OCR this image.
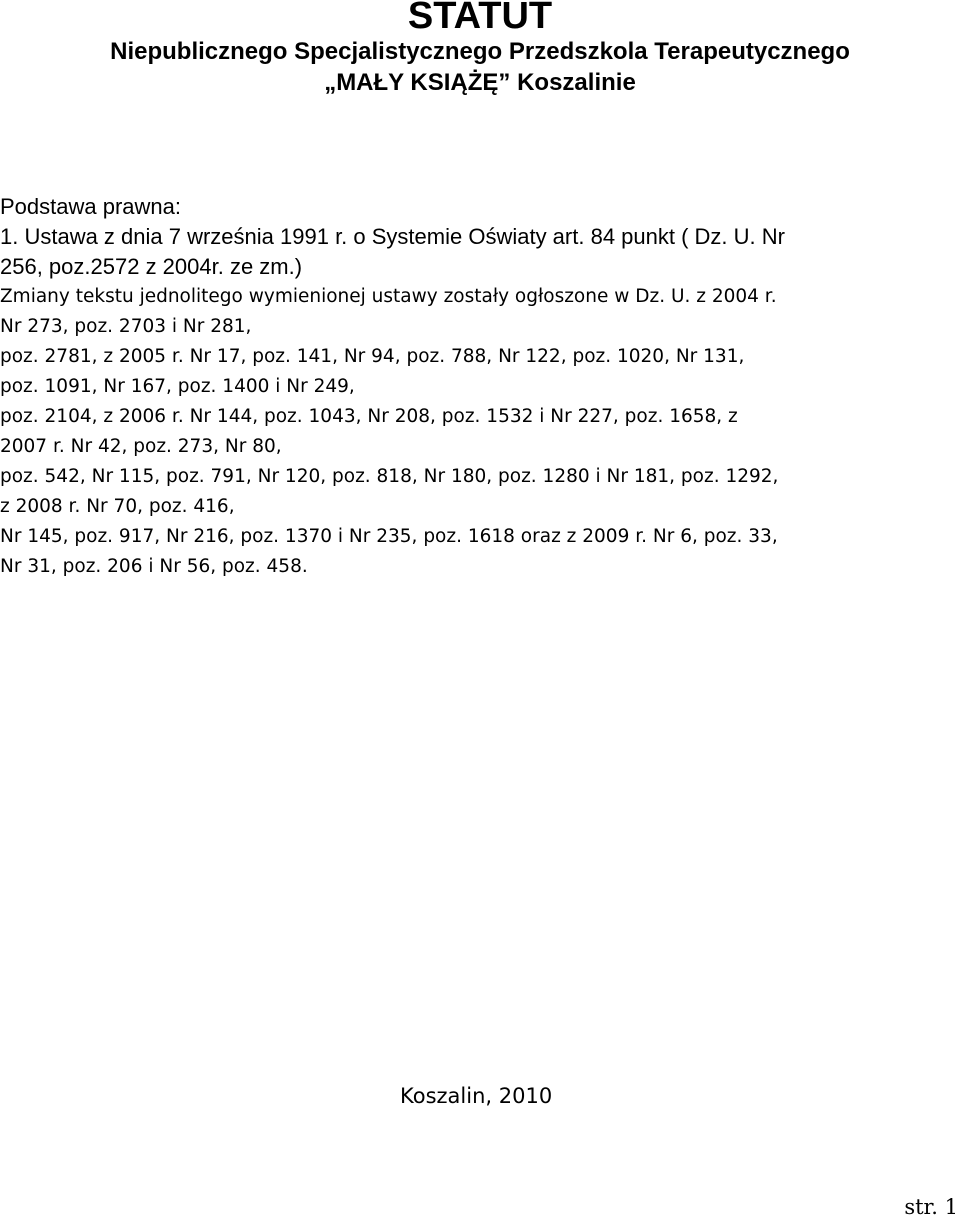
STATUT
Niepublicznego Specjalistycznego Przedszkola Terapeutycznego
„MAŁY KSIĄŻĘ” Koszalinie
Podstawa prawna:
1. Ustawa z dnia 7 września 1991 r. o Systemie Oświaty art. 84 punkt ( Dz. U. Nr
256, poz.2572 z 2004r. ze zm.)
Zmiany tekstu jednolitego wymienionej ustawy zostały ogłoszone w Dz. U. z 2004 r.
Nr 273, poz. 2703 i Nr 281,
poz. 2781, z 2005 r. Nr 17, poz. 141, Nr 94, poz. 788, Nr 122, poz. 1020, Nr 131,
poz. 1091, Nr 167, poz. 1400 i Nr 249,
poz. 2104, z 2006 r. Nr 144, poz. 1043, Nr 208, poz. 1532 i Nr 227, poz. 1658, z
2007 r. Nr 42, poz. 273, Nr 80,
poz. 542, Nr 115, poz. 791, Nr 120, poz. 818, Nr 180, poz. 1280 i Nr 181, poz. 1292,
z 2008 r. Nr 70, poz. 416,
Nr 145, poz. 917, Nr 216, poz. 1370 i Nr 235, poz. 1618 oraz z 2009 r. Nr 6, poz. 33,
Nr 31, poz. 206 i Nr 56, poz. 458.
Koszalin, 2010
str. 1
